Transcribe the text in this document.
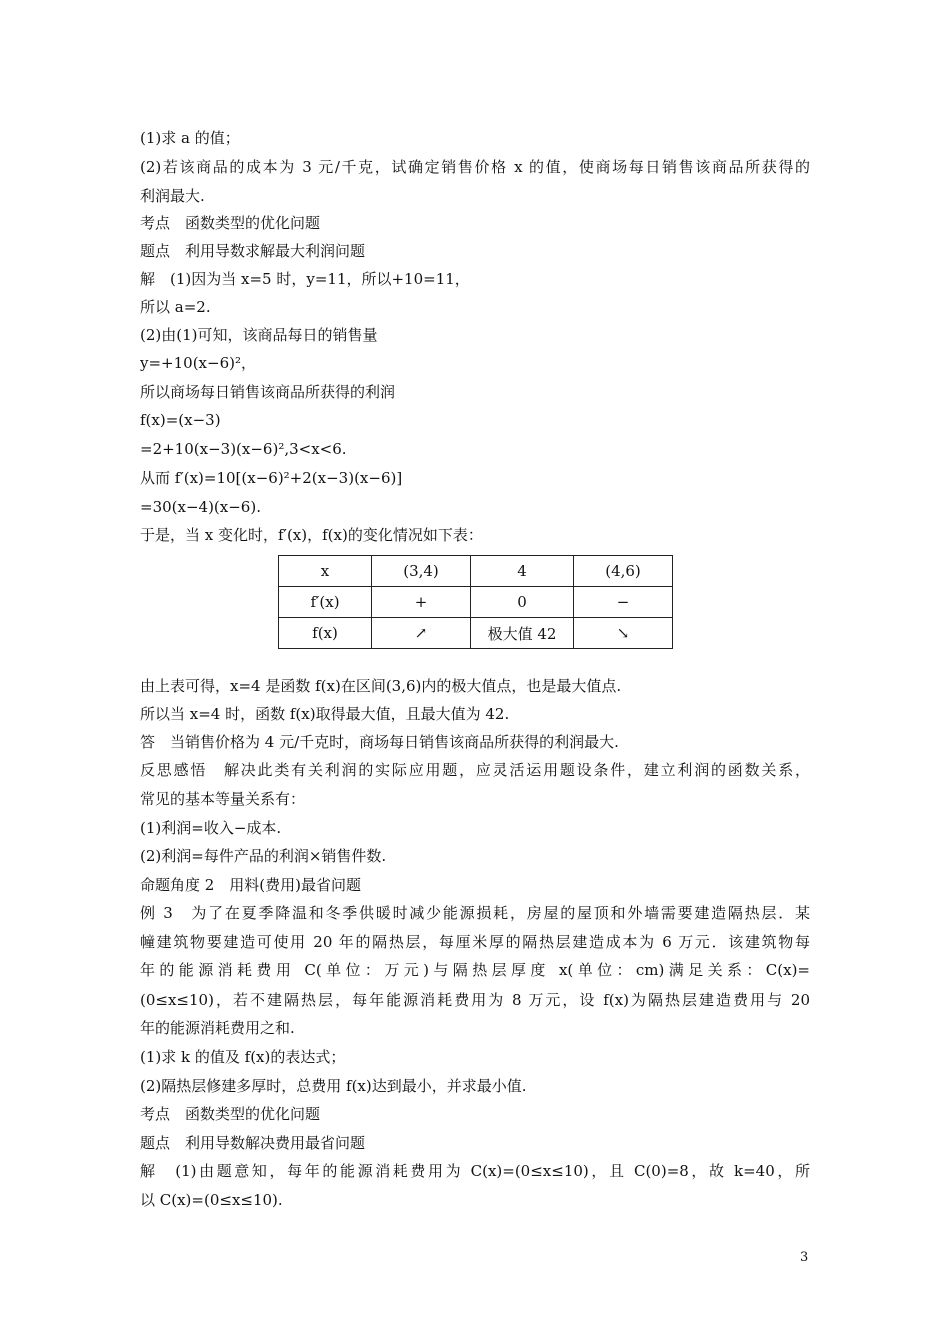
(1)求 a 的值；
(2)若该商品的成本为 3 元/千克，试确定销售价格 x 的值，使商场每日销售该商品所获得的
利润最大.
考点　函数类型的优化问题
题点　利用导数求解最大利润问题
解　(1)因为当 x=5 时，y=11，所以+10=11，
所以 a=2.
(2)由(1)可知，该商品每日的销售量
y=+10(x−6)²，
所以商场每日销售该商品所获得的利润
f(x)=(x−3)
=2+10(x−3)(x−6)²,3<x<6.
从而 f′(x)=10[(x−6)²+2(x−3)(x−6)]
=30(x−4)(x−6).
于是，当 x 变化时，f′(x)，f(x)的变化情况如下表：
x	(3,4)	4	(4,6)
f′(x)	+	0	−
f(x)	↗	极大值 42	↘
由上表可得，x=4 是函数 f(x)在区间(3,6)内的极大值点，也是最大值点.
所以当 x=4 时，函数 f(x)取得最大值，且最大值为 42.
答　当销售价格为 4 元/千克时，商场每日销售该商品所获得的利润最大.
反思感悟　解决此类有关利润的实际应用题，应灵活运用题设条件，建立利润的函数关系，
常见的基本等量关系有：
(1)利润=收入−成本.
(2)利润=每件产品的利润×销售件数.
命题角度 2　用料(费用)最省问题
例 3　为了在夏季降温和冬季供暖时减少能源损耗，房屋的屋顶和外墙需要建造隔热层．某
幢建筑物要建造可使用 20 年的隔热层，每厘米厚的隔热层建造成本为 6 万元．该建筑物每
年的能源消耗费用 C(单位：万元)与隔热层厚度 x(单位：cm)满足关系：C(x)=
(0≤x≤10)，若不建隔热层，每年能源消耗费用为 8 万元，设 f(x)为隔热层建造费用与 20
年的能源消耗费用之和.
(1)求 k 的值及 f(x)的表达式；
(2)隔热层修建多厚时，总费用 f(x)达到最小，并求最小值.
考点　函数类型的优化问题
题点　利用导数解决费用最省问题
解　(1)由题意知，每年的能源消耗费用为 C(x)=(0≤x≤10)，且 C(0)=8，故 k=40，所
以 C(x)=(0≤x≤10).
3
